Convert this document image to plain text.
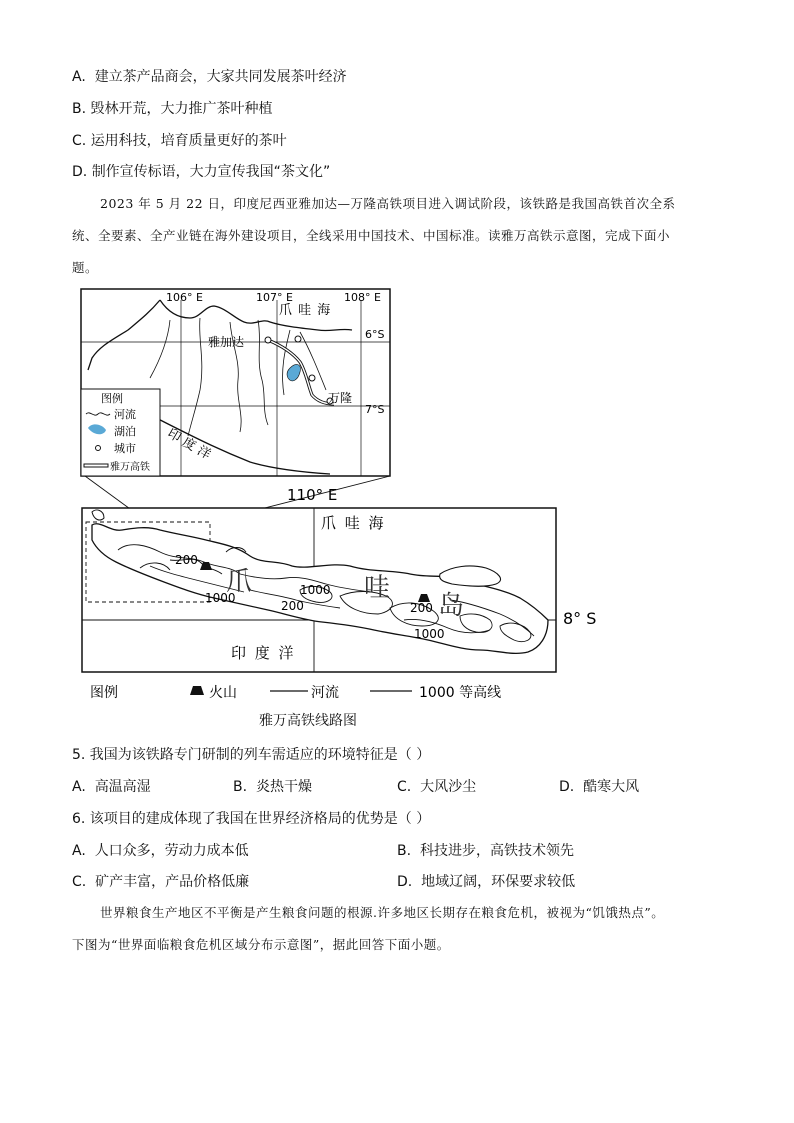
A. 建立茶产品商会，大家共同发展茶叶经济
B. 毁林开荒，大力推广茶叶种植
C. 运用科技，培育质量更好的茶叶
D. 制作宣传标语，大力宣传我国“茶文化”
2023 年 5 月 22 日，印度尼西亚雅加达—万隆高铁项目进入调试阶段，该铁路是我国高铁首次全系
统、全要素、全产业链在海外建设项目，全线采用中国技术、中国标准。读雅万高铁示意图，完成下面小
题。
106° E	107° E	108° E
6°S
7°S
爪 哇 海
雅加达
万隆
印 度 洋
图例
河流
湖泊
城市
雅万高铁
110° E
8° S
爪 哇 海
印 度 洋
爪	哇
岛
200
1000
200
1000
200
1000
图例	火山	河流	1000 等高线
雅万高铁线路图
5. 我国为该铁路专门研制的列车需适应的环境特征是（ ）
A. 高温高湿	B. 炎热干燥	C. 大风沙尘	D. 酷寒大风
6. 该项目的建成体现了我国在世界经济格局的优势是（ ）
A. 人口众多，劳动力成本低	B. 科技进步，高铁技术领先
C. 矿产丰富，产品价格低廉	D. 地域辽阔，环保要求较低
世界粮食生产地区不平衡是产生粮食问题的根源.许多地区长期存在粮食危机，被视为“饥饿热点”。
下图为“世界面临粮食危机区域分布示意图”，据此回答下面小题。
